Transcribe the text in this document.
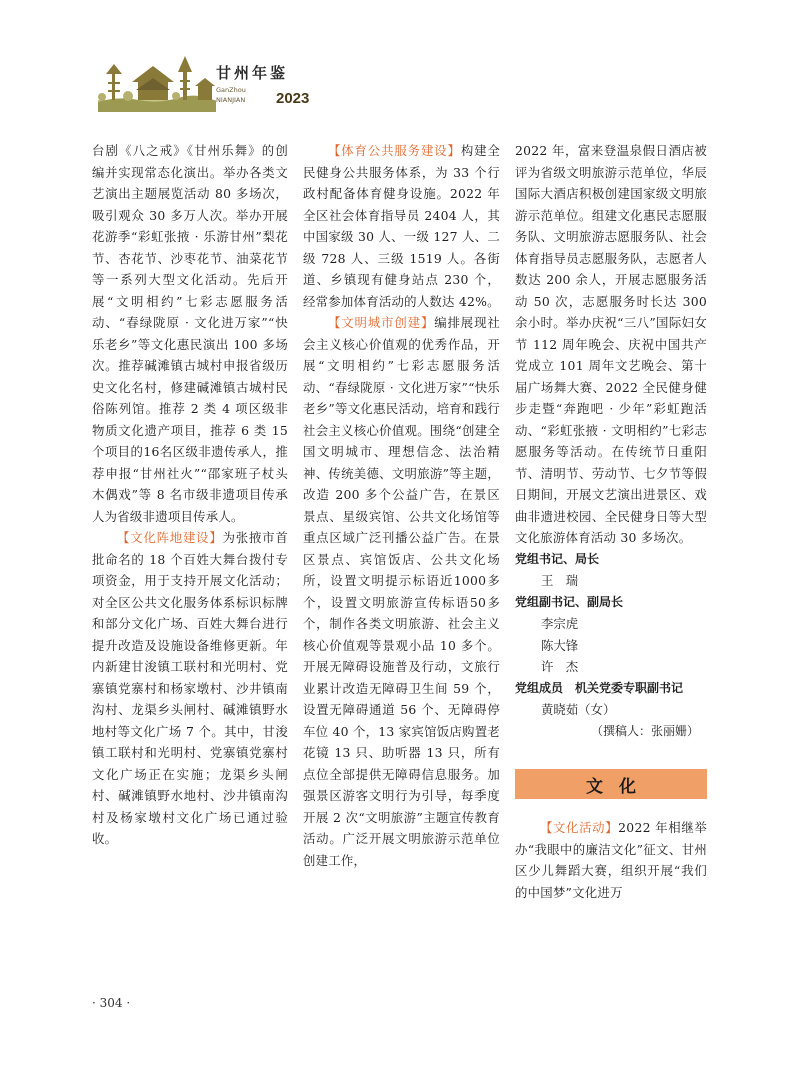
甘州年鉴
GanZhou
NIANJIAN 2023

台剧《八之戒》《甘州乐舞》的创编并实现常态化演出。举办各类文艺演出主题展览活动 80 多场次，吸引观众 30 多万人次。举办开展花游季“彩虹张掖 · 乐游甘州”梨花节、杏花节、沙枣花节、油菜花节等一系列大型文化活动。先后开展“文明相约”七彩志愿服务活动、“春绿陇原 · 文化进万家”“快乐老乡”等文化惠民演出 100 多场次。推荐碱滩镇古城村申报省级历史文化名村，修建碱滩镇古城村民俗陈列馆。推荐 2 类 4 项区级非物质文化遗产项目，推荐 6 类 15 个项目的16名区级非遗传承人，推荐申报“甘州社火”“邵家班子杖头木偶戏”等 8 名市级非遗项目传承人为省级非遗项目传承人。

【文化阵地建设】为张掖市首批命名的 18 个百姓大舞台拨付专项资金，用于支持开展文化活动；对全区公共文化服务体系标识标牌和部分文化广场、百姓大舞台进行提升改造及设施设备维修更新。年内新建甘浚镇工联村和光明村、党寨镇党寨村和杨家墩村、沙井镇南沟村、龙渠乡头闸村、碱滩镇野水地村等文化广场 7 个。其中，甘浚镇工联村和光明村、党寨镇党寨村文化广场正在实施；龙渠乡头闸村、碱滩镇野水地村、沙井镇南沟村及杨家墩村文化广场已通过验收。

【体育公共服务建设】构建全民健身公共服务体系，为 33 个行政村配备体育健身设施。2022 年全区社会体育指导员 2404 人，其中国家级 30 人、一级 127 人、二级 728 人、三级 1519 人。各街道、乡镇现有健身站点 230 个，经常参加体育活动的人数达 42%。

【文明城市创建】编排展现社会主义核心价值观的优秀作品，开展“文明相约”七彩志愿服务活动、“春绿陇原 · 文化进万家”“快乐老乡”等文化惠民活动，培育和践行社会主义核心价值观。围绕“创建全国文明城市、理想信念、法治精神、传统美德、文明旅游”等主题，改造 200 多个公益广告，在景区景点、星级宾馆、公共文化场馆等重点区域广泛刊播公益广告。在景区景点、宾馆饭店、公共文化场所，设置文明提示标语近1000多个，设置文明旅游宣传标语50多个，制作各类文明旅游、社会主义核心价值观等景观小品 10 多个。开展无障碍设施普及行动，文旅行业累计改造无障碍卫生间 59 个，设置无障碍通道 56 个、无障碍停车位 40 个，13 家宾馆饭店购置老花镜 13 只、助听器 13 只，所有点位全部提供无障碍信息服务。加强景区游客文明行为引导，每季度开展 2 次“文明旅游”主题宣传教育活动。广泛开展文明旅游示范单位创建工作，

2022 年，富来登温泉假日酒店被评为省级文明旅游示范单位，华辰国际大酒店积极创建国家级文明旅游示范单位。组建文化惠民志愿服务队、文明旅游志愿服务队、社会体育指导员志愿服务队，志愿者人数达 200 余人，开展志愿服务活动 50 次，志愿服务时长达 300 余小时。举办庆祝“三八”国际妇女节 112 周年晚会、庆祝中国共产党成立 101 周年文艺晚会、第十届广场舞大赛、2022 全民健身健步走暨“奔跑吧 · 少年”彩虹跑活动、“彩虹张掖 · 文明相约”七彩志愿服务等活动。在传统节日重阳节、清明节、劳动节、七夕节等假日期间，开展文艺演出进景区、戏曲非遗进校园、全民健身日等大型文化旅游体育活动 30 多场次。

党组书记、局长

王　瑞

党组副书记、副局长

李宗虎

陈大锋

许　杰

党组成员　机关党委专职副书记

黄晓茹（女）

（撰稿人：张丽姗）

文化

【文化活动】2022 年相继举办“我眼中的廉洁文化”征文、甘州区少儿舞蹈大赛，组织开展“我们的中国梦”文化进万

· 304 ·
